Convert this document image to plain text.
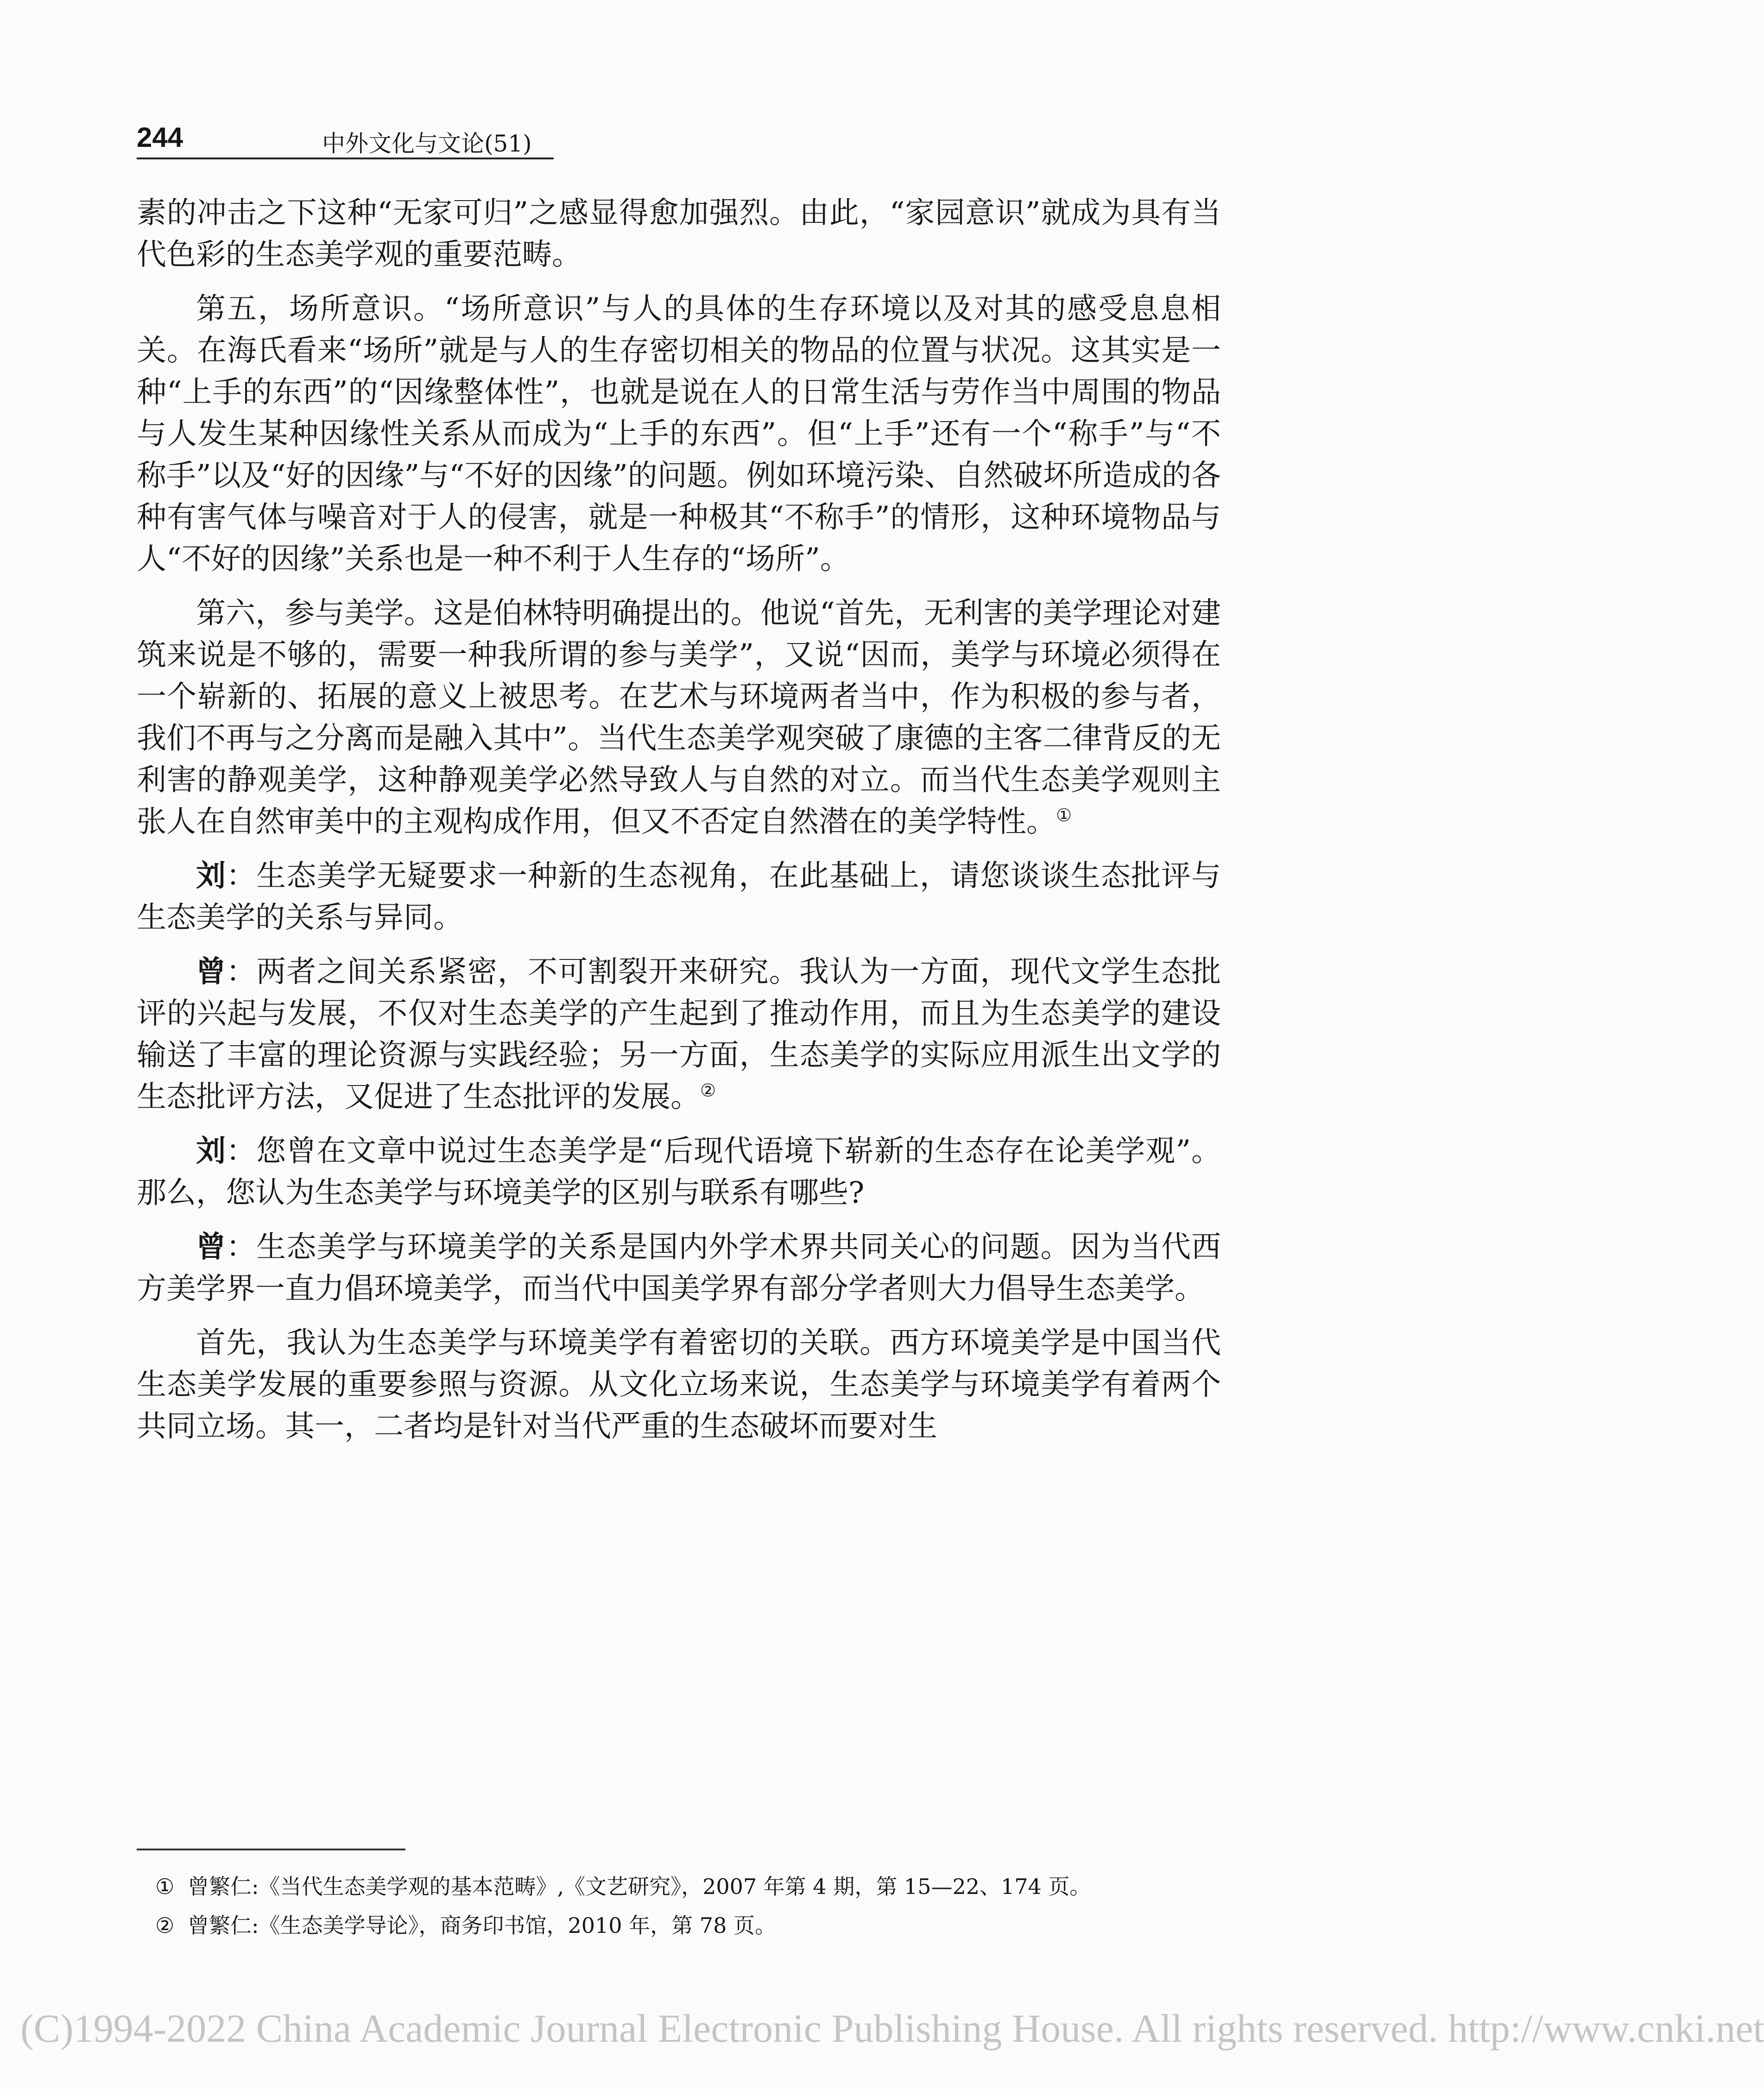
244	中外文化与文论(51)

素的冲击之下这种“无家可归”之感显得愈加强烈。由此，“家园意识”就成为具有当代色彩的生态美学观的重要范畴。

第五，场所意识。“场所意识”与人的具体的生存环境以及对其的感受息息相关。在海氏看来“场所”就是与人的生存密切相关的物品的位置与状况。这其实是一种“上手的东西”的“因缘整体性”，也就是说在人的日常生活与劳作当中周围的物品与人发生某种因缘性关系从而成为“上手的东西”。但“上手”还有一个“称手”与“不称手”以及“好的因缘”与“不好的因缘”的问题。例如环境污染、自然破坏所造成的各种有害气体与噪音对于人的侵害，就是一种极其“不称手”的情形，这种环境物品与人“不好的因缘”关系也是一种不利于人生存的“场所”。

第六，参与美学。这是伯林特明确提出的。他说“首先，无利害的美学理论对建筑来说是不够的，需要一种我所谓的参与美学”，又说“因而，美学与环境必须得在一个崭新的、拓展的意义上被思考。在艺术与环境两者当中，作为积极的参与者，我们不再与之分离而是融入其中”。当代生态美学观突破了康德的主客二律背反的无利害的静观美学，这种静观美学必然导致人与自然的对立。而当代生态美学观则主张人在自然审美中的主观构成作用，但又不否定自然潜在的美学特性。①

刘：生态美学无疑要求一种新的生态视角，在此基础上，请您谈谈生态批评与生态美学的关系与异同。

曾：两者之间关系紧密，不可割裂开来研究。我认为一方面，现代文学生态批评的兴起与发展，不仅对生态美学的产生起到了推动作用，而且为生态美学的建设输送了丰富的理论资源与实践经验；另一方面，生态美学的实际应用派生出文学的生态批评方法，又促进了生态批评的发展。②

刘：您曾在文章中说过生态美学是“后现代语境下崭新的生态存在论美学观”。那么，您认为生态美学与环境美学的区别与联系有哪些?

曾：生态美学与环境美学的关系是国内外学术界共同关心的问题。因为当代西方美学界一直力倡环境美学，而当代中国美学界有部分学者则大力倡导生态美学。

首先，我认为生态美学与环境美学有着密切的关联。西方环境美学是中国当代生态美学发展的重要参照与资源。从文化立场来说，生态美学与环境美学有着两个共同立场。其一，二者均是针对当代严重的生态破坏而要对生

① 曾繁仁:《当代生态美学观的基本范畴》,《文艺研究》，2007 年第 4 期，第 15—22、174 页。
② 曾繁仁:《生态美学导论》，商务印书馆，2010 年，第 78 页。
(C)1994-2022 China Academic Journal Electronic Publishing House. All rights reserved. http://www.cnki.net
